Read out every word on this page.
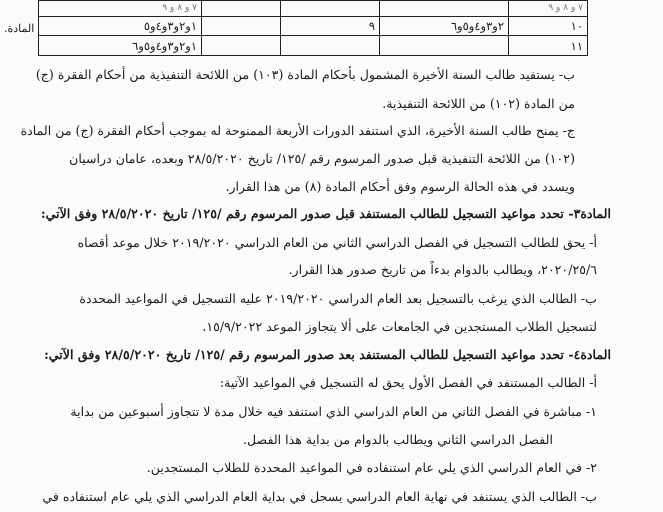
۷ و ۸ و ۹				۷ و ۸ و ۹
۱۰	۲و۳و٤و٥و٦	۹		۱و۲و۳و٤و٥
۱۱				۱و۲و۳و٤و٥و٦
المادة.
ب- يستفيد طالب السنة الأخيرة المشمول بأحكام المادة (۱۰۳) من اللائحة التنفيذية من أحكام الفقرة (ج)
من المادة (۱۰۲) من اللائحة التنفيذية.
ج- يمنح طالب السنة الأخيرة، الذي استنفد الدورات الأربعة الممنوحة له بموجب أحكام الفقرة (ج) من المادة
(۱۰۲) من اللائحة التنفيذية قبل صدور المرسوم رقم /۱۲٥/ تاريخ ۲۸/٥/۲۰۲۰ وبعده، عامان دراسيان
ويسدد في هذه الحالة الرسوم وفق أحكام المادة (۸) من هذا القرار.
المادة٣- تحدد مواعيد التسجيل للطالب المستنفد قبل صدور المرسوم رقم /۱۲٥/ تاريخ ۲۸/٥/۲۰۲۰ وفق الآتي:
أ- يحق للطالب التسجيل في الفصل الدراسي الثاني من العام الدراسي ۲۰۱۹/۲۰۲۰ خلال موعد أقصاه
۲٥/٦/۲۰۲۰، ويطالب بالدوام بدءاً من تاريخ صدور هذا القرار.
ب- الطالب الذي يرغب بالتسجيل بعد العام الدراسي ۲۰۱۹/۲۰۲۰ عليه التسجيل في المواعيد المحددة
لتسجيل الطلاب المستجدين في الجامعات على ألا يتجاوز الموعد ۱٥/۹/۲۰۲۲.
المادة٤- تحدد مواعيد التسجيل للطالب المستنفد بعد صدور المرسوم رقم /۱۲٥/ تاريخ ۲۸/٥/۲۰۲۰ وفق الآتي:
أ- الطالب المستنفد في الفصل الأول يحق له التسجيل في المواعيد الآتية:
۱- مباشرة في الفصل الثاني من العام الدراسي الذي استنفد فيه خلال مدة لا تتجاوز أسبوعين من بداية
الفصل الدراسي الثاني ويطالب بالدوام من بداية هذا الفصل.
۲- في العام الدراسي الذي يلي عام استنفاده في المواعيد المحددة للطلاب المستجدين.
ب- الطالب الذي يستنفد في نهاية العام الدراسي يسجل في بداية العام الدراسي الذي يلي عام استنفاده في
